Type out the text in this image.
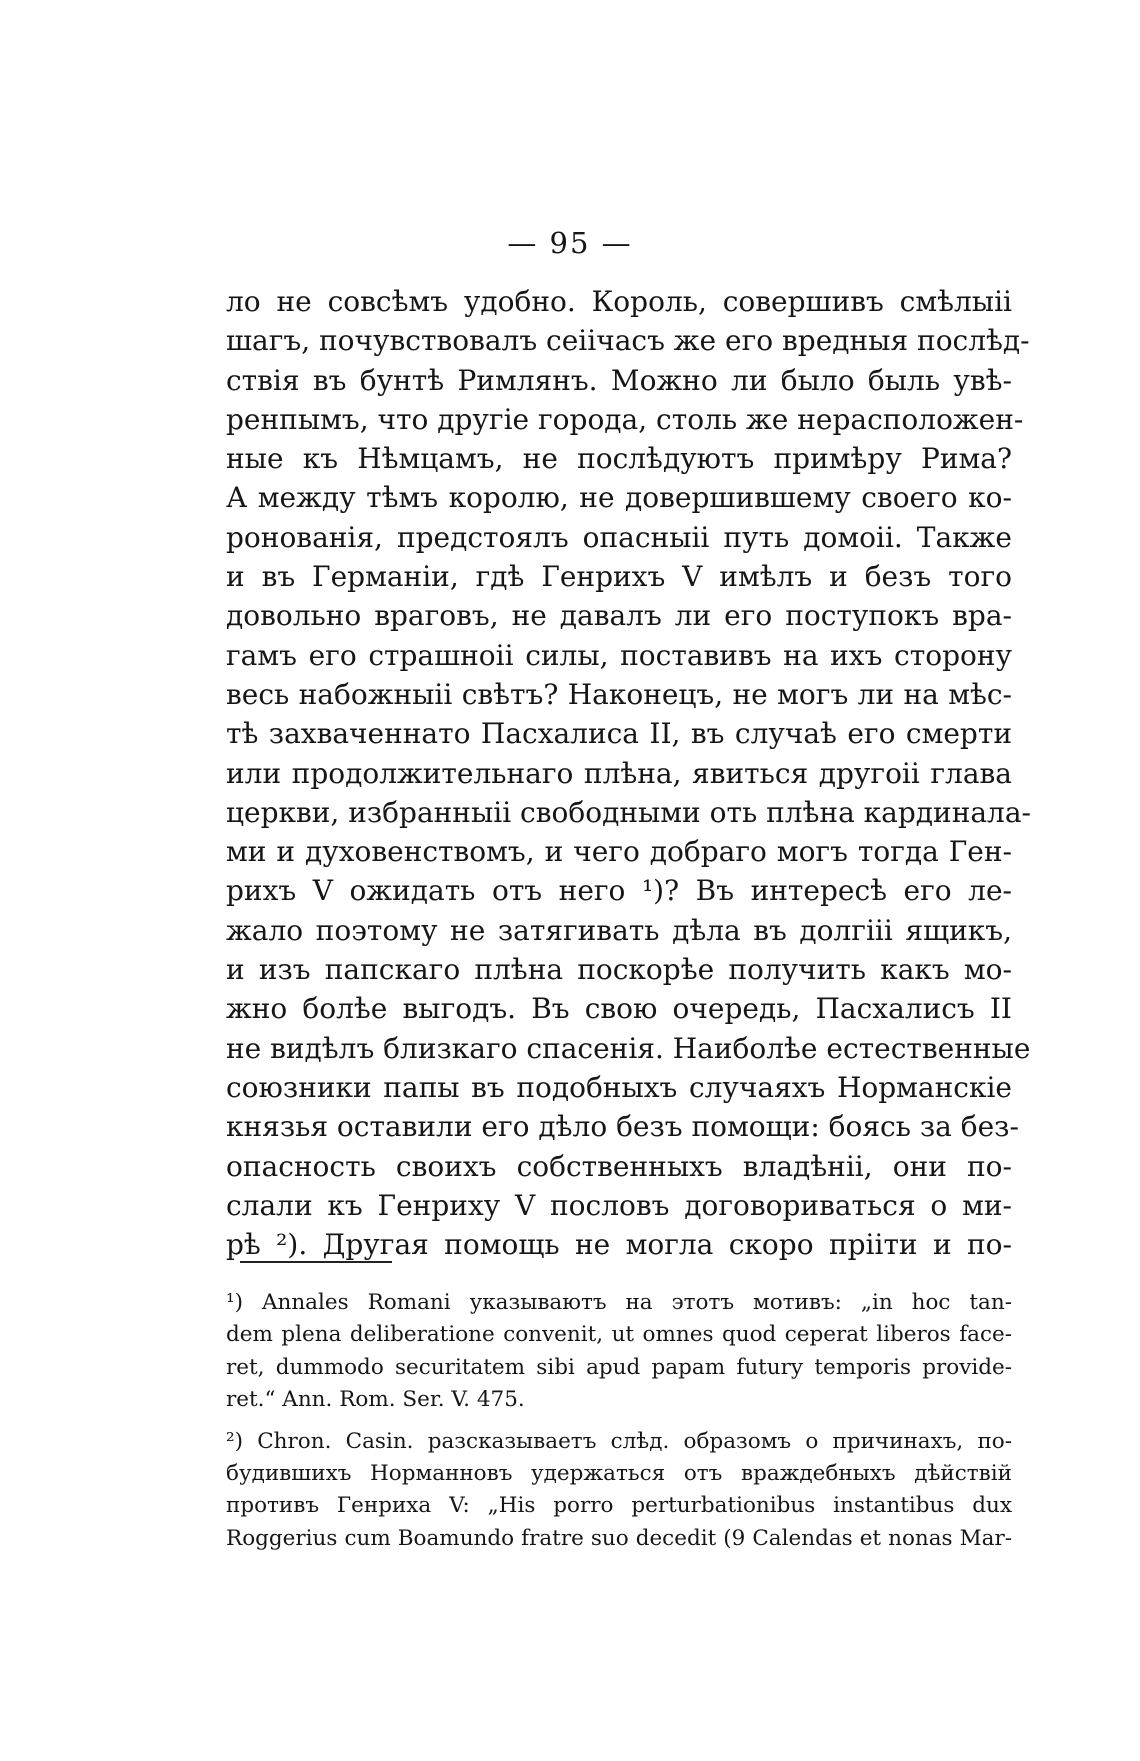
— 95 —
ло не совсѣмъ удобно. Король, совершивъ смѣлыіі
шагъ, почувствовалъ сеіічасъ же его вредныя послѣд-
ствія въ бунтѣ Римлянъ. Можно ли было быль увѣ-
ренпымъ, что другіе города, столь же нерасположен-
ные къ Нѣмцамъ, не послѣдуютъ примѣру Рима?
А между тѣмъ королю, не довершившему своего ко-
ронованія, предстоялъ опасныіі путь домоіі. Также
и въ Германіи, гдѣ Генрихъ V имѣлъ и безъ того
довольно враговъ, не давалъ ли его поступокъ вра-
гамъ его страшноіі силы, поставивъ на ихъ сторону
весь набожныіі свѣтъ? Наконецъ, не могъ ли на мѣс-
тѣ захваченнато Пасхалиса II, въ случаѣ его смерти
или продолжительнаго плѣна, явиться другоіі глава
церкви, избранныіі свободными оть плѣна кардинала-
ми и духовенствомъ, и чего добраго могъ тогда Ген-
рихъ V ожидать отъ него ¹)? Въ интересѣ его ле-
жало поэтому не затягивать дѣла въ долгііі ящикъ,
и изъ папскаго плѣна поскорѣе получить какъ мо-
жно болѣе выгодъ. Въ свою очередь, Пасхалисъ II
не видѣлъ близкаго спасенія. Наиболѣе естественные
союзники папы въ подобныхъ случаяхъ Норманскіе
князья оставили его дѣло безъ помощи: боясь за без-
опасность своихъ собственныхъ владѣніі, они по-
слали къ Генриху V пословъ договориваться о ми-
рѣ ²). Другая помощь не могла скоро прііти и по-
¹) Annales Romani указываютъ на этотъ мотивъ: „in hoc tan-
dem plena deliberatione convenit, ut omnes quod ceperat liberos face-
ret, dummodo securitatem sibi apud papam futury temporis provide-
ret.“ Ann. Rom. Ser. V. 475.
²) Chron. Casin. разсказываетъ слѣд. образомъ о причинахъ, по-
будившихъ Норманновъ удержаться отъ враждебныхъ дѣйствій
противъ Генриха V: „His porro perturbationibus instantibus dux
Roggerius cum Boamundo fratre suo decedit (9 Calendas et nonas Mar-
